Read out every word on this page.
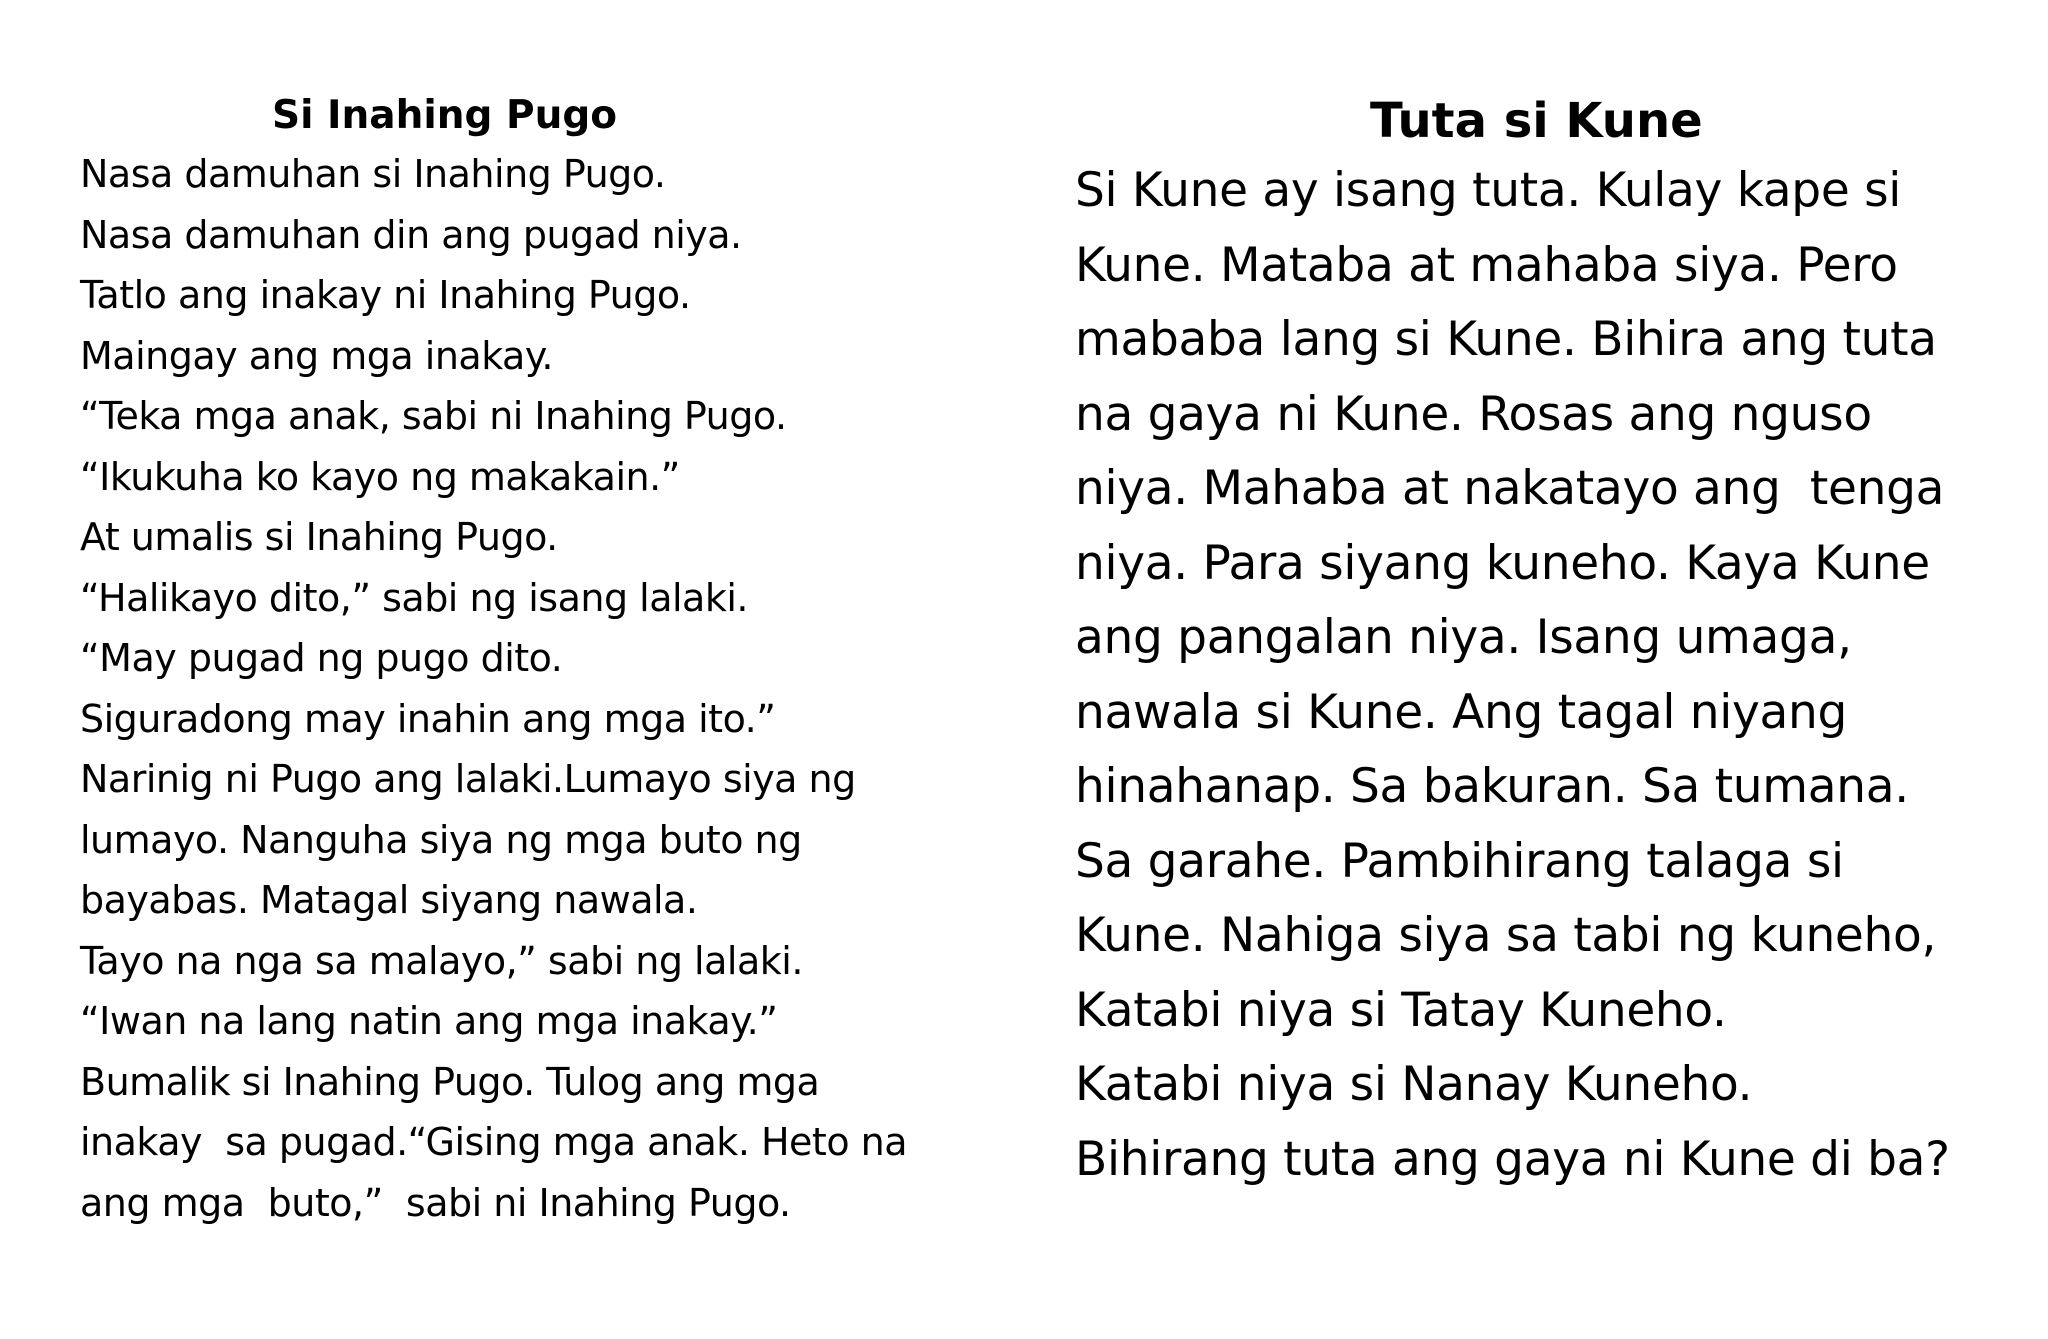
Si Inahing Pugo

Nasa damuhan si Inahing Pugo.

Nasa damuhan din ang pugad niya.

Tatlo ang inakay ni Inahing Pugo.

Maingay ang mga inakay.

“Teka mga anak, sabi ni Inahing Pugo.

“Ikukuha ko kayo ng makakain.”

At umalis si Inahing Pugo.

“Halikayo dito,” sabi ng isang lalaki.

“May pugad ng pugo dito.

Siguradong may inahin ang mga ito.”

Narinig ni Pugo ang lalaki.Lumayo siya ng

lumayo. Nanguha siya ng mga buto ng

bayabas. Matagal siyang nawala.

Tayo na nga sa malayo,” sabi ng lalaki.

“Iwan na lang natin ang mga inakay.”

Bumalik si Inahing Pugo. Tulog ang mga

inakay  sa pugad.“Gising mga anak. Heto na

ang mga  buto,”  sabi ni Inahing Pugo.

Tuta si Kune

Si Kune ay isang tuta. Kulay kape si

Kune. Mataba at mahaba siya. Pero

mababa lang si Kune. Bihira ang tuta

na gaya ni Kune. Rosas ang nguso

niya. Mahaba at nakatayo ang  tenga

niya. Para siyang kuneho. Kaya Kune

ang pangalan niya. Isang umaga,

nawala si Kune. Ang tagal niyang

hinahanap. Sa bakuran. Sa tumana.

Sa garahe. Pambihirang talaga si

Kune. Nahiga siya sa tabi ng kuneho,

Katabi niya si Tatay Kuneho.

Katabi niya si Nanay Kuneho.

Bihirang tuta ang gaya ni Kune di ba?
